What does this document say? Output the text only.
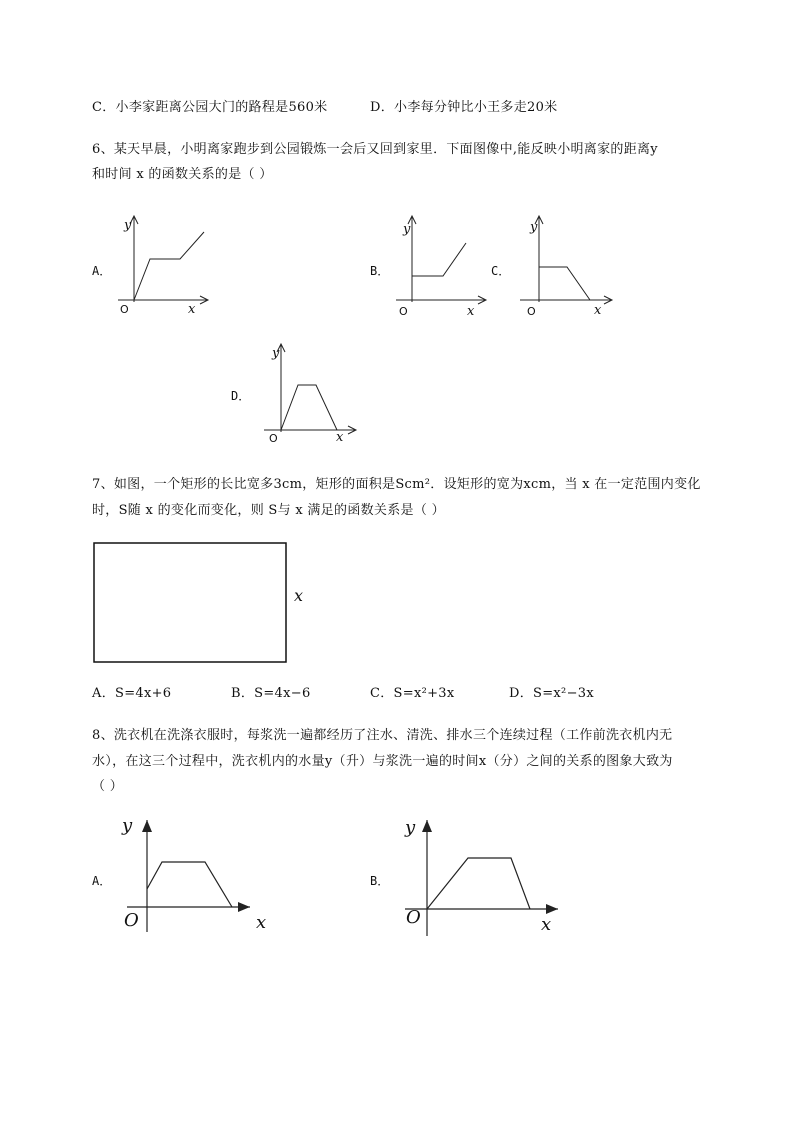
C．小李家距离公园大门的路程是560米	D．小李每分钟比小王多走20米
6、某天早晨，小明离家跑步到公园锻炼一会后又回到家里．下面图像中,能反映小明离家的距离y
和时间 x 的函数关系的是（ ）
A．
y
x
O
B．
y
x
O
C．
y
x
O
D．
y
x
O
7、如图，一个矩形的长比宽多3cm，矩形的面积是Scm²．设矩形的宽为xcm，当 x 在一定范围内变化
时，S随 x 的变化而变化，则 S与 x 满足的函数关系是（ ）
x
A．S=4x+6	B．S=4x−6	C．S=x²+3x	D．S=x²−3x
8、洗衣机在洗涤衣服时，每浆洗一遍都经历了注水、清洗、排水三个连续过程（工作前洗衣机内无
水），在这三个过程中，洗衣机内的水量y（升）与浆洗一遍的时间x（分）之间的关系的图象大致为
（ ）
A．
y
x
O
B．
y
x
O
